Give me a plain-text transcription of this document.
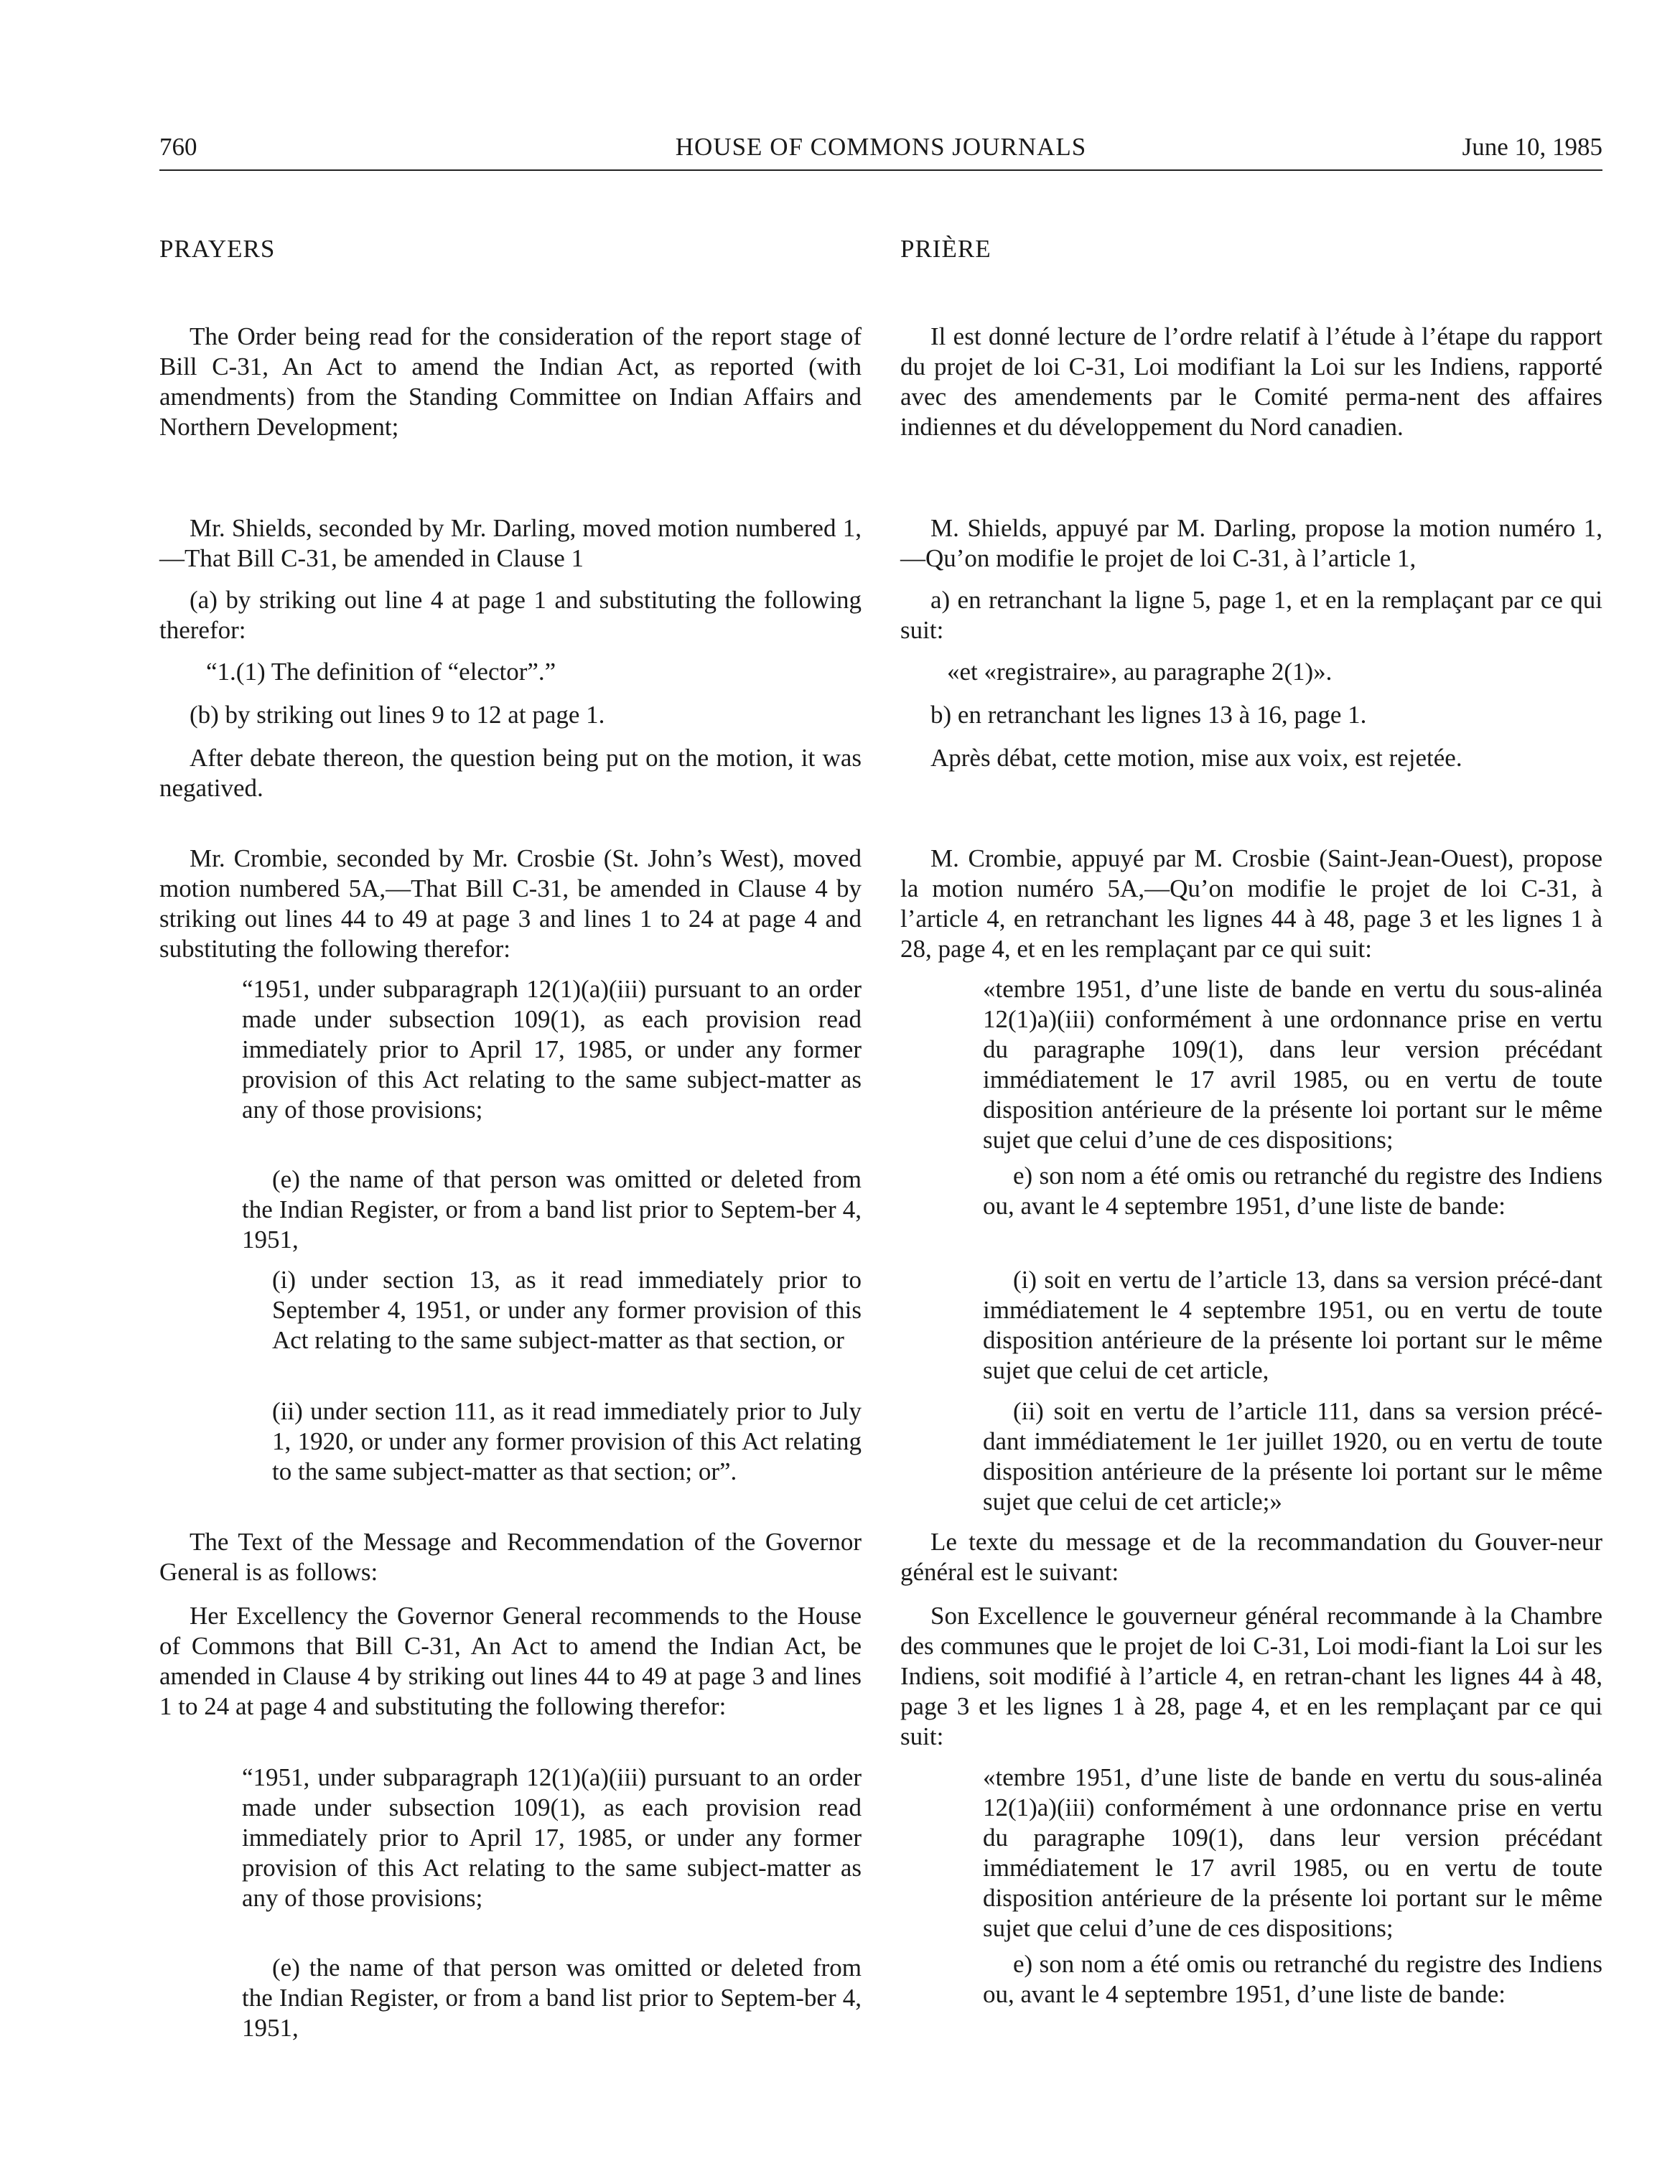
760	HOUSE OF COMMONS JOURNALS	June 10, 1985

PRAYERS

The Order being read for the consideration of the report stage of Bill C-31, An Act to amend the Indian Act, as reported (with amendments) from the Standing Committee on Indian Affairs and Northern Development;

Mr. Shields, seconded by Mr. Darling, moved motion numbered 1,—That Bill C-31, be amended in Clause 1

(a) by striking out line 4 at page 1 and substituting the following therefor:

“1.(1) The definition of “elector”.”

(b) by striking out lines 9 to 12 at page 1.

After debate thereon, the question being put on the motion, it was negatived.

Mr. Crombie, seconded by Mr. Crosbie (St. John’s West), moved motion numbered 5A,—That Bill C-31, be amended in Clause 4 by striking out lines 44 to 49 at page 3 and lines 1 to 24 at page 4 and substituting the following therefor:

“1951, under subparagraph 12(1)(a)(iii) pursuant to an order made under subsection 109(1), as each provision read immediately prior to April 17, 1985, or under any former provision of this Act relating to the same subject-matter as any of those provisions;

(e) the name of that person was omitted or deleted from the Indian Register, or from a band list prior to Septem-ber 4, 1951,

(i) under section 13, as it read immediately prior to September 4, 1951, or under any former provision of this Act relating to the same subject-matter as that section, or

(ii) under section 111, as it read immediately prior to July 1, 1920, or under any former provision of this Act relating to the same subject-matter as that section; or”.

The Text of the Message and Recommendation of the Governor General is as follows:

Her Excellency the Governor General recommends to the House of Commons that Bill C-31, An Act to amend the Indian Act, be amended in Clause 4 by striking out lines 44 to 49 at page 3 and lines 1 to 24 at page 4 and substituting the following therefor:

“1951, under subparagraph 12(1)(a)(iii) pursuant to an order made under subsection 109(1), as each provision read immediately prior to April 17, 1985, or under any former provision of this Act relating to the same subject-matter as any of those provisions;

(e) the name of that person was omitted or deleted from the Indian Register, or from a band list prior to Septem-ber 4, 1951,

PRIÈRE

Il est donné lecture de l’ordre relatif à l’étude à l’étape du rapport du projet de loi C-31, Loi modifiant la Loi sur les Indiens, rapporté avec des amendements par le Comité perma-nent des affaires indiennes et du développement du Nord canadien.

M. Shields, appuyé par M. Darling, propose la motion numéro 1,—Qu’on modifie le projet de loi C-31, à l’article 1,

a) en retranchant la ligne 5, page 1, et en la remplaçant par ce qui suit:

«et «registraire», au paragraphe 2(1)».

b) en retranchant les lignes 13 à 16, page 1.

Après débat, cette motion, mise aux voix, est rejetée.

M. Crombie, appuyé par M. Crosbie (Saint-Jean-Ouest), propose la motion numéro 5A,—Qu’on modifie le projet de loi C-31, à l’article 4, en retranchant les lignes 44 à 48, page 3 et les lignes 1 à 28, page 4, et en les remplaçant par ce qui suit:

«tembre 1951, d’une liste de bande en vertu du sous-alinéa 12(1)a)(iii) conformément à une ordonnance prise en vertu du paragraphe 109(1), dans leur version précédant immédiatement le 17 avril 1985, ou en vertu de toute disposition antérieure de la présente loi portant sur le même sujet que celui d’une de ces dispositions;

e) son nom a été omis ou retranché du registre des Indiens ou, avant le 4 septembre 1951, d’une liste de bande:

(i) soit en vertu de l’article 13, dans sa version précé-dant immédiatement le 4 septembre 1951, ou en vertu de toute disposition antérieure de la présente loi portant sur le même sujet que celui de cet article,

(ii) soit en vertu de l’article 111, dans sa version précé-dant immédiatement le 1er juillet 1920, ou en vertu de toute disposition antérieure de la présente loi portant sur le même sujet que celui de cet article;»

Le texte du message et de la recommandation du Gouver-neur général est le suivant:

Son Excellence le gouverneur général recommande à la Chambre des communes que le projet de loi C-31, Loi modi-fiant la Loi sur les Indiens, soit modifié à l’article 4, en retran-chant les lignes 44 à 48, page 3 et les lignes 1 à 28, page 4, et en les remplaçant par ce qui suit:

«tembre 1951, d’une liste de bande en vertu du sous-alinéa 12(1)a)(iii) conformément à une ordonnance prise en vertu du paragraphe 109(1), dans leur version précédant immédiatement le 17 avril 1985, ou en vertu de toute disposition antérieure de la présente loi portant sur le même sujet que celui d’une de ces dispositions;

e) son nom a été omis ou retranché du registre des Indiens ou, avant le 4 septembre 1951, d’une liste de bande:
